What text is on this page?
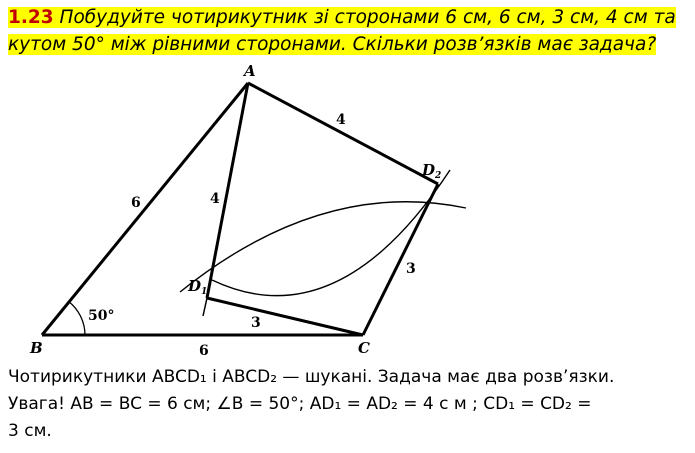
1.23 Побудуйте чотирикутник зі сторонами 6 см, 6 см, 3 см, 4 см та
кутом 50° між рівними сторонами. Скільки розв’язків має задача?
A
B	C
$D_1$
$D_2$
6
6
4
4
3
3
50°

Чотирикутники ABCD₁ і ABCD₂ — шукані. Задача має два розв’язки.

Увага! AB = BC = 6 см; ∠B = 50°; AD₁ = AD₂ = 4 с м ; CD₁ = CD₂ =

3 см.
